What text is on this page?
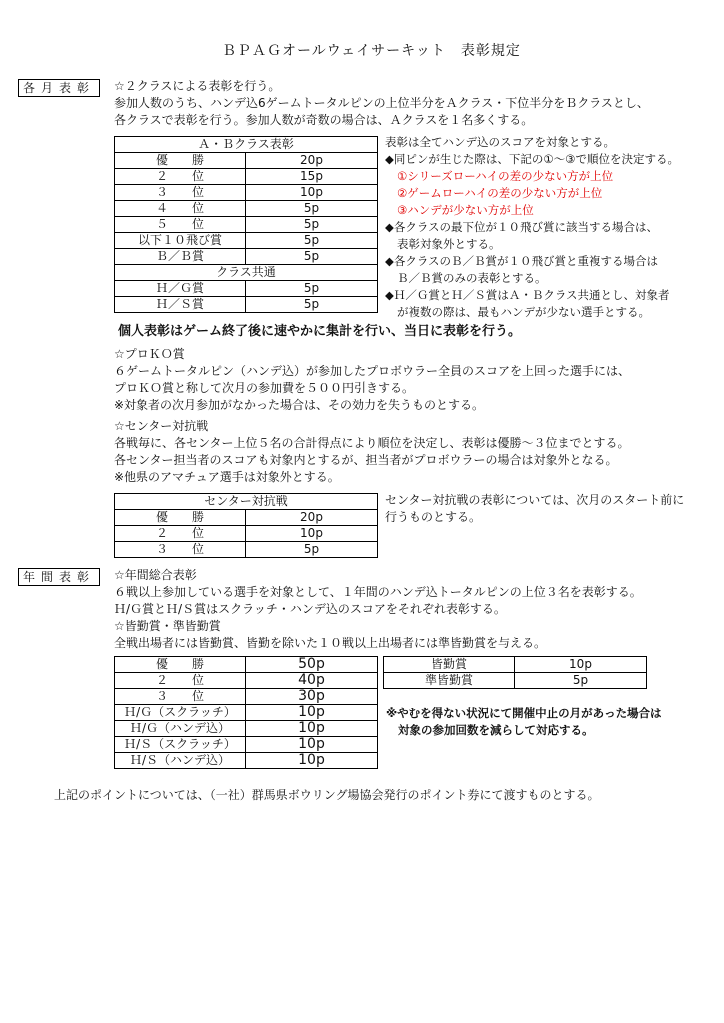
ＢＰＡＧオールウェイサーキット　表彰規定
各月表彰	☆２クラスによる表彰を行う。
参加人数のうち、ハンデ込6ゲームトータルピンの上位半分をＡクラス・下位半分をＢクラスとし、
各クラスで表彰を行う。参加人数が奇数の場合は、Ａクラスを１名多くする。
Ａ・Ｂクラス表彰	
優　　勝	20p
２　　位	15p
３　　位	10p
４　　位	5p
５　　位	5p
以下１０飛び賞	5p
Ｂ／Ｂ賞	5p
クラス共通	
Ｈ／Ｇ賞	5p
Ｈ／Ｓ賞	5p
表彰は全てハンデ込のスコアを対象とする。
◆同ピンが生じた際は、下記の①～③で順位を決定する。
①シリーズローハイの差の少ない方が上位
②ゲームローハイの差の少ない方が上位
③ハンデが少ない方が上位
◆各クラスの最下位が１０飛び賞に該当する場合は、
表彰対象外とする。
◆各クラスのＢ／Ｂ賞が１０飛び賞と重複する場合は
Ｂ／Ｂ賞のみの表彰とする。
◆Ｈ／Ｇ賞とＨ／Ｓ賞はＡ・Ｂクラス共通とし、対象者
が複数の際は、最もハンデが少ない選手とする。
個人表彰はゲーム終了後に速やかに集計を行い、当日に表彰を行う。
☆プロＫＯ賞
６ゲームトータルピン（ハンデ込）が参加したプロボウラー全員のスコアを上回った選手には、
プロＫＯ賞と称して次月の参加費を５００円引きする。
※対象者の次月参加がなかった場合は、その効力を失うものとする。
☆センター対抗戦
各戦毎に、各センター上位５名の合計得点により順位を決定し、表彰は優勝～３位までとする。
各センター担当者のスコアも対象内とするが、担当者がプロボウラーの場合は対象外となる。
※他県のアマチュア選手は対象外とする。
センター対抗戦	
優　　勝	20p
２　　位	10p
３　　位	5p
センター対抗戦の表彰については、次月のスタート前に
行うものとする。
年間表彰	☆年間総合表彰
６戦以上参加している選手を対象として、１年間のハンデ込トータルピンの上位３名を表彰する。
Ｈ/Ｇ賞とＨ/Ｓ賞はスクラッチ・ハンデ込のスコアをそれぞれ表彰する。
☆皆勤賞・準皆勤賞
全戦出場者には皆勤賞、皆勤を除いた１０戦以上出場者には準皆勤賞を与える。
優　　勝	50p
２　　位	40p
３　　位	30p
Ｈ/Ｇ（スクラッチ）	10p
Ｈ/Ｇ（ハンデ込）	10p
Ｈ/Ｓ（スクラッチ）	10p
Ｈ/Ｓ（ハンデ込）	10p
皆勤賞	10p
準皆勤賞	5p
※やむを得ない状況にて開催中止の月があった場合は
対象の参加回数を減らして対応する。
上記のポイントについては、（一社）群馬県ボウリング場協会発行のポイント券にて渡すものとする。
